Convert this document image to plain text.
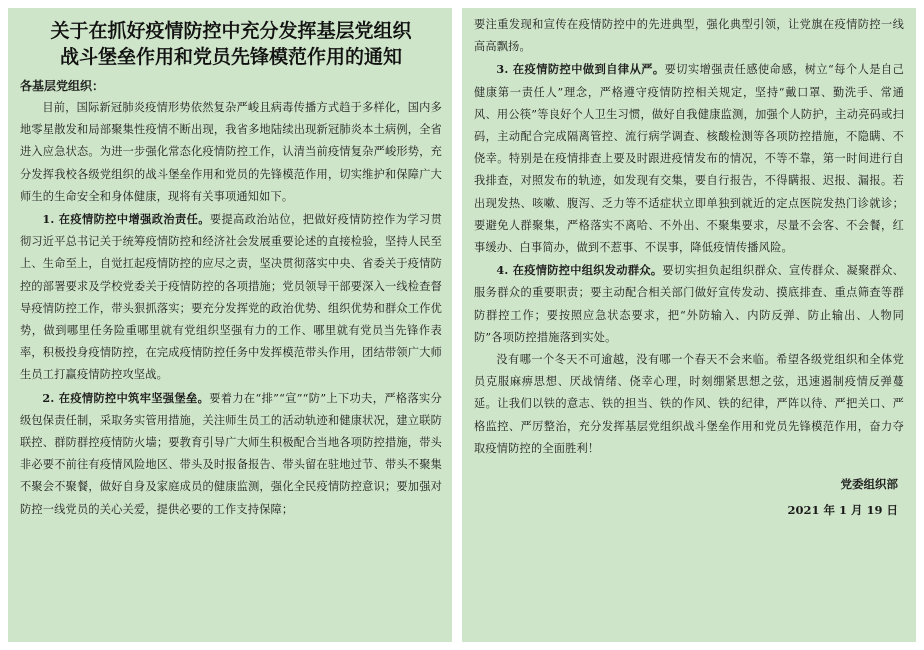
关于在抓好疫情防控中充分发挥基层党组织
战斗堡垒作用和党员先锋模范作用的通知

各基层党组织：

目前，国际新冠肺炎疫情形势依然复杂严峻且病毒传播方式趋于多样化，国内多地零星散发和局部聚集性疫情不断出现，我省多地陆续出现新冠肺炎本土病例，全省进入应急状态。为进一步强化常态化疫情防控工作，认清当前疫情复杂严峻形势，充分发挥我校各级党组织的战斗堡垒作用和党员的先锋模范作用，切实维护和保障广大师生的生命安全和身体健康，现将有关事项通知如下。

1. 在疫情防控中增强政治责任。要提高政治站位，把做好疫情防控作为学习贯彻习近平总书记关于统筹疫情防控和经济社会发展重要论述的直接检验，坚持人民至上、生命至上，自觉扛起疫情防控的应尽之责，坚决贯彻落实中央、省委关于疫情防控的部署要求及学校党委关于疫情防控的各项措施；党员领导干部要深入一线检查督导疫情防控工作，带头狠抓落实；要充分发挥党的政治优势、组织优势和群众工作优势，做到哪里任务险重哪里就有党组织坚强有力的工作、哪里就有党员当先锋作表率，积极投身疫情防控，在完成疫情防控任务中发挥模范带头作用，团结带领广大师生员工打赢疫情防控攻坚战。

2. 在疫情防控中筑牢坚强堡垒。要着力在“排”“宣”“防”上下功夫，严格落实分级包保责任制，采取务实管用措施，关注师生员工的活动轨迹和健康状况，建立联防联控、群防群控疫情防火墙；要教育引导广大师生积极配合当地各项防控措施，带头非必要不前往有疫情风险地区、带头及时报备报告、带头留在驻地过节、带头不聚集不聚会不聚餐，做好自身及家庭成员的健康监测，强化全民疫情防控意识；要加强对防控一线党员的关心关爱，提供必要的工作支持保障；

要注重发现和宣传在疫情防控中的先进典型，强化典型引领，让党旗在疫情防控一线高高飘扬。

3. 在疫情防控中做到自律从严。要切实增强责任感使命感，树立“每个人是自己健康第一责任人”理念，严格遵守疫情防控相关规定，坚持“戴口罩、勤洗手、常通风、用公筷”等良好个人卫生习惯，做好自我健康监测，加强个人防护，主动亮码或扫码，主动配合完成隔离管控、流行病学调查、核酸检测等各项防控措施，不隐瞒、不侥幸。特别是在疫情排查上要及时跟进疫情发布的情况，不等不靠，第一时间进行自我排查，对照发布的轨迹，如发现有交集，要自行报告，不得瞒报、迟报、漏报。若出现发热、咳嗽、腹泻、乏力等不适症状立即单独到就近的定点医院发热门诊就诊；要避免人群聚集，严格落实不离哈、不外出、不聚集要求，尽量不会客、不会餐，红事缓办、白事简办，做到不惹事、不误事，降低疫情传播风险。

4. 在疫情防控中组织发动群众。要切实担负起组织群众、宣传群众、凝聚群众、服务群众的重要职责；要主动配合相关部门做好宣传发动、摸底排查、重点筛查等群防群控工作；要按照应急状态要求，把“外防输入、内防反弹、防止输出、人物同防”各项防控措施落到实处。

没有哪一个冬天不可逾越，没有哪一个春天不会来临。希望各级党组织和全体党员克服麻痹思想、厌战情绪、侥幸心理，时刻绷紧思想之弦，迅速遏制疫情反弹蔓延。让我们以铁的意志、铁的担当、铁的作风、铁的纪律，严阵以待、严把关口、严格监控、严厉整治，充分发挥基层党组织战斗堡垒作用和党员先锋模范作用，奋力夺取疫情防控的全面胜利！

党委组织部
2021 年 1 月 19 日
